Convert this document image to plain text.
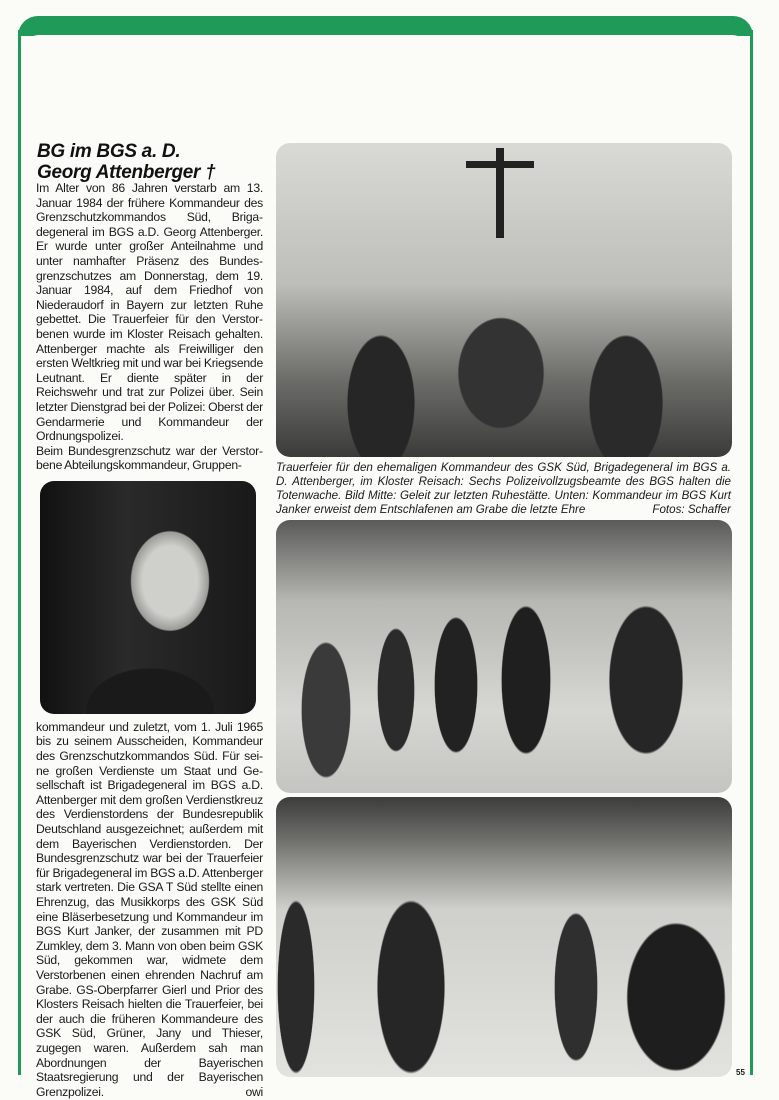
BG im BGS a. D.
Georg Attenberger †

Im Alter von 86 Jahren verstarb am 13. Januar 1984 der frühere Kommandeur des Grenzschutzkommandos Süd, Brigadegeneral im BGS a.D. Georg Attenberger. Er wurde unter großer Anteilnahme und unter namhafter Präsenz des Bundesgrenzschutzes am Donnerstag, dem 19. Januar 1984, auf dem Friedhof von Niederaudorf in Bayern zur letzten Ruhe gebettet. Die Trauerfeier für den Verstorbenen wurde im Kloster Reisach gehalten. Attenberger machte als Freiwilliger den ersten Weltkrieg mit und war bei Kriegsende Leutnant. Er diente später in der Reichswehr und trat zur Polizei über. Sein letzter Dienstgrad bei der Polizei: Oberst der Gendarmerie und Kommandeur der Ordnungspolizei.

Beim Bundesgrenzschutz war der Verstorbene Abteilungskommandeur, Gruppen-

kommandeur und zuletzt, vom 1. Juli 1965 bis zu seinem Ausscheiden, Kommandeur des Grenzschutzkommandos Süd. Für seine großen Verdienste um Staat und Gesellschaft ist Brigadegeneral im BGS a.D. Attenberger mit dem großen Verdienstkreuz des Verdienstordens der Bundesrepublik Deutschland ausgezeichnet; außerdem mit dem Bayerischen Verdienstorden. Der Bundesgrenzschutz war bei der Trauerfeier für Brigadegeneral im BGS a.D. Attenberger stark vertreten. Die GSA T Süd stellte einen Ehrenzug, das Musikkorps des GSK Süd eine Bläserbesetzung und Kommandeur im BGS Kurt Janker, der zusammen mit PD Zumkley, dem 3. Mann von oben beim GSK Süd, gekommen war, widmete dem Verstorbenen einen ehrenden Nachruf am Grabe. GS-Oberpfarrer Gierl und Prior des Klosters Reisach hielten die Trauerfeier, bei der auch die früheren Kommandeure des GSK Süd, Grüner, Jany und Thieser, zugegen waren. Außerdem sah man Abordnungen der Bayerischen Staatsregierung und der Bayerischen Grenzpolizei.	owi

Trauerfeier für den ehemaligen Kommandeur des GSK Süd, Brigadegeneral im BGS a. D. Attenberger, im Kloster Reisach: Sechs Polizeivollzugsbeamte des BGS halten die Totenwache. Bild Mitte: Geleit zur letzten Ruhestätte. Unten: Kommandeur im BGS Kurt Janker erweist dem Entschlafenen am Grabe die letzte Ehre	Fotos: Schaffer

55
